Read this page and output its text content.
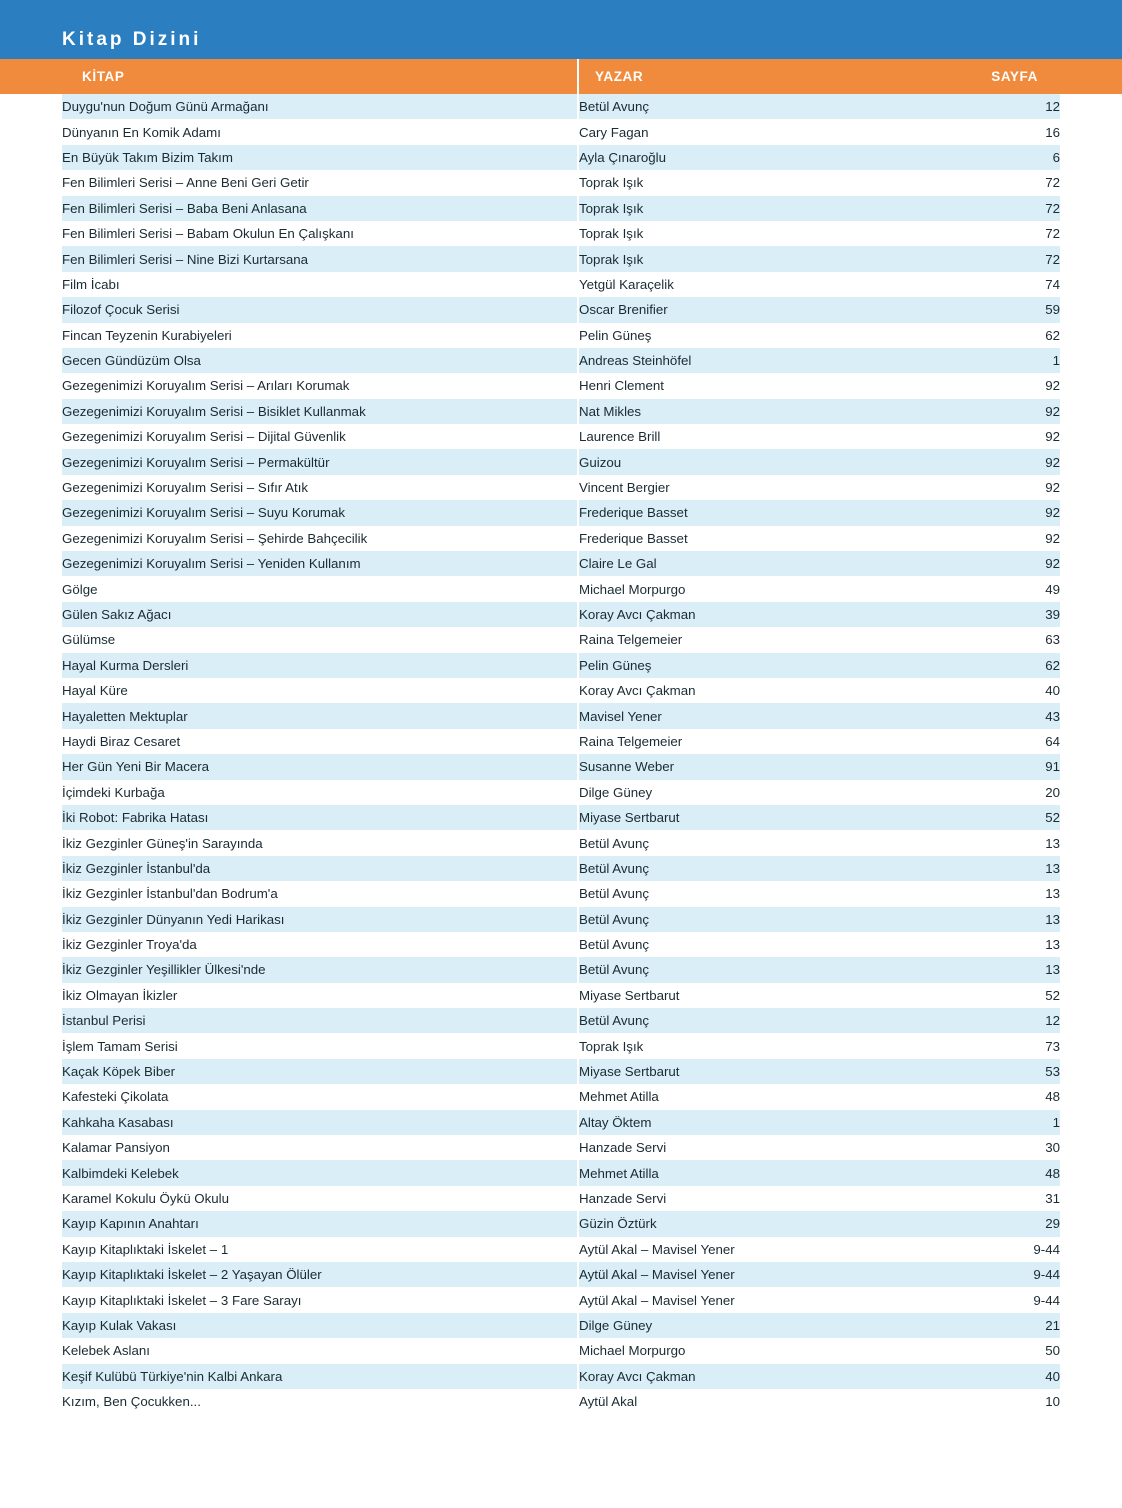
Kitap Dizini
KİTAP	YAZAR	SAYFA
Duygu'nun Doğum Günü Armağanı	Betül Avunç	12
Dünyanın En Komik Adamı	Cary Fagan	16
En Büyük Takım Bizim Takım	Ayla Çınaroğlu	6
Fen Bilimleri Serisi – Anne Beni Geri Getir	Toprak Işık	72
Fen Bilimleri Serisi – Baba Beni Anlasana	Toprak Işık	72
Fen Bilimleri Serisi – Babam Okulun En Çalışkanı	Toprak Işık	72
Fen Bilimleri Serisi – Nine Bizi Kurtarsana	Toprak Işık	72
Film İcabı	Yetgül Karaçelik	74
Filozof Çocuk Serisi	Oscar Brenifier	59
Fincan Teyzenin Kurabiyeleri	Pelin Güneş	62
Gecen Gündüzüm Olsa	Andreas Steinhöfel	1
Gezegenimizi Koruyalım Serisi – Arıları Korumak	Henri Clement	92
Gezegenimizi Koruyalım Serisi – Bisiklet Kullanmak	Nat Mikles	92
Gezegenimizi Koruyalım Serisi – Dijital Güvenlik	Laurence Brill	92
Gezegenimizi Koruyalım Serisi – Permakültür	Guizou	92
Gezegenimizi Koruyalım Serisi – Sıfır Atık	Vincent Bergier	92
Gezegenimizi Koruyalım Serisi – Suyu Korumak	Frederique Basset	92
Gezegenimizi Koruyalım Serisi – Şehirde Bahçecilik	Frederique Basset	92
Gezegenimizi Koruyalım Serisi – Yeniden Kullanım	Claire Le Gal	92
Gölge	Michael Morpurgo	49
Gülen Sakız Ağacı	Koray Avcı Çakman	39
Gülümse	Raina Telgemeier	63
Hayal Kurma Dersleri	Pelin Güneş	62
Hayal Küre	Koray Avcı Çakman	40
Hayaletten Mektuplar	Mavisel Yener	43
Haydi Biraz Cesaret	Raina Telgemeier	64
Her Gün Yeni Bir Macera	Susanne Weber	91
İçimdeki Kurbağa	Dilge Güney	20
İki Robot: Fabrika Hatası	Miyase Sertbarut	52
İkiz Gezginler Güneş'in Sarayında	Betül Avunç	13
İkiz Gezginler İstanbul'da	Betül Avunç	13
İkiz Gezginler İstanbul'dan Bodrum'a	Betül Avunç	13
İkiz Gezginler Dünyanın Yedi Harikası	Betül Avunç	13
İkiz Gezginler Troya'da	Betül Avunç	13
İkiz Gezginler Yeşillikler Ülkesi'nde	Betül Avunç	13
İkiz Olmayan İkizler	Miyase Sertbarut	52
İstanbul Perisi	Betül Avunç	12
İşlem Tamam Serisi	Toprak Işık	73
Kaçak Köpek Biber	Miyase Sertbarut	53
Kafesteki Çikolata	Mehmet Atilla	48
Kahkaha Kasabası	Altay Öktem	1
Kalamar Pansiyon	Hanzade Servi	30
Kalbimdeki Kelebek	Mehmet Atilla	48
Karamel Kokulu Öykü Okulu	Hanzade Servi	31
Kayıp Kapının Anahtarı	Güzin Öztürk	29
Kayıp Kitaplıktaki İskelet – 1	Aytül Akal – Mavisel Yener	9-44
Kayıp Kitaplıktaki İskelet – 2 Yaşayan Ölüler	Aytül Akal – Mavisel Yener	9-44
Kayıp Kitaplıktaki İskelet – 3 Fare Sarayı	Aytül Akal – Mavisel Yener	9-44
Kayıp Kulak Vakası	Dilge Güney	21
Kelebek Aslanı	Michael Morpurgo	50
Keşif Kulübü Türkiye'nin Kalbi Ankara	Koray Avcı Çakman	40
Kızım, Ben Çocukken...	Aytül Akal	10
